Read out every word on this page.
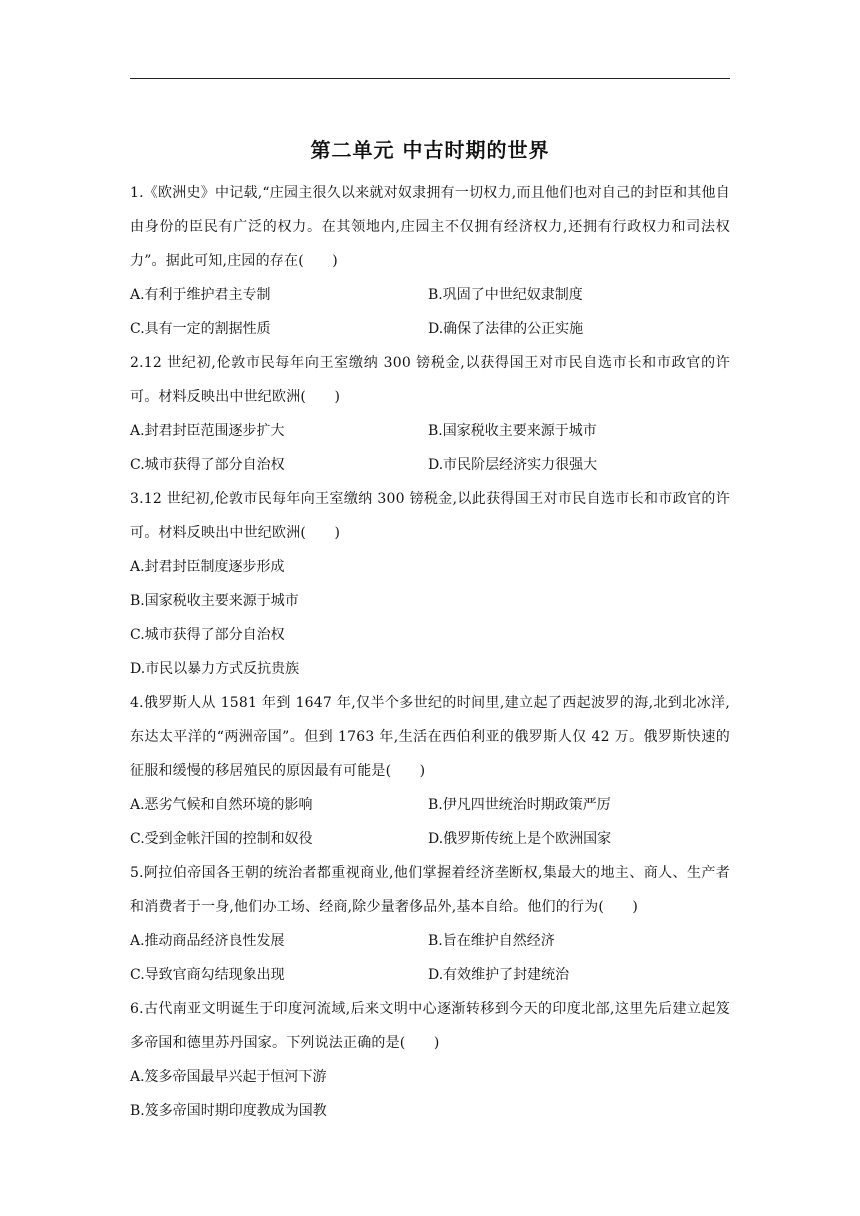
第二单元 中古时期的世界

1.《欧洲史》中记载,“庄园主很久以来就对奴隶拥有一切权力,而且他们也对自己的封臣和其他自由身份的臣民有广泛的权力。在其领地内,庄园主不仅拥有经济权力,还拥有行政权力和司法权力”。据此可知,庄园的存在(　　)

A.有利于维护君主专制	B.巩固了中世纪奴隶制度
C.具有一定的割据性质	D.确保了法律的公正实施

2.12 世纪初,伦敦市民每年向王室缴纳 300 镑税金,以获得国王对市民自选市长和市政官的许可。材料反映出中世纪欧洲(　　)

A.封君封臣范围逐步扩大	B.国家税收主要来源于城市
C.城市获得了部分自治权	D.市民阶层经济实力很强大

3.12 世纪初,伦敦市民每年向王室缴纳 300 镑税金,以此获得国王对市民自选市长和市政官的许可。材料反映出中世纪欧洲(　　)

A.封君封臣制度逐步形成
B.国家税收主要来源于城市
C.城市获得了部分自治权
D.市民以暴力方式反抗贵族

4.俄罗斯人从 1581 年到 1647 年,仅半个多世纪的时间里,建立起了西起波罗的海,北到北冰洋,东达太平洋的“两洲帝国”。但到 1763 年,生活在西伯利亚的俄罗斯人仅 42 万。俄罗斯快速的征服和缓慢的移居殖民的原因最有可能是(　　)

A.恶劣气候和自然环境的影响	B.伊凡四世统治时期政策严厉
C.受到金帐汗国的控制和奴役	D.俄罗斯传统上是个欧洲国家

5.阿拉伯帝国各王朝的统治者都重视商业,他们掌握着经济垄断权,集最大的地主、商人、生产者和消费者于一身,他们办工场、经商,除少量奢侈品外,基本自给。他们的行为(　　)

A.推动商品经济良性发展	B.旨在维护自然经济
C.导致官商勾结现象出现	D.有效维护了封建统治

6.古代南亚文明诞生于印度河流域,后来文明中心逐渐转移到今天的印度北部,这里先后建立起笈多帝国和德里苏丹国家。下列说法正确的是(　　)

A.笈多帝国最早兴起于恒河下游
B.笈多帝国时期印度教成为国教
